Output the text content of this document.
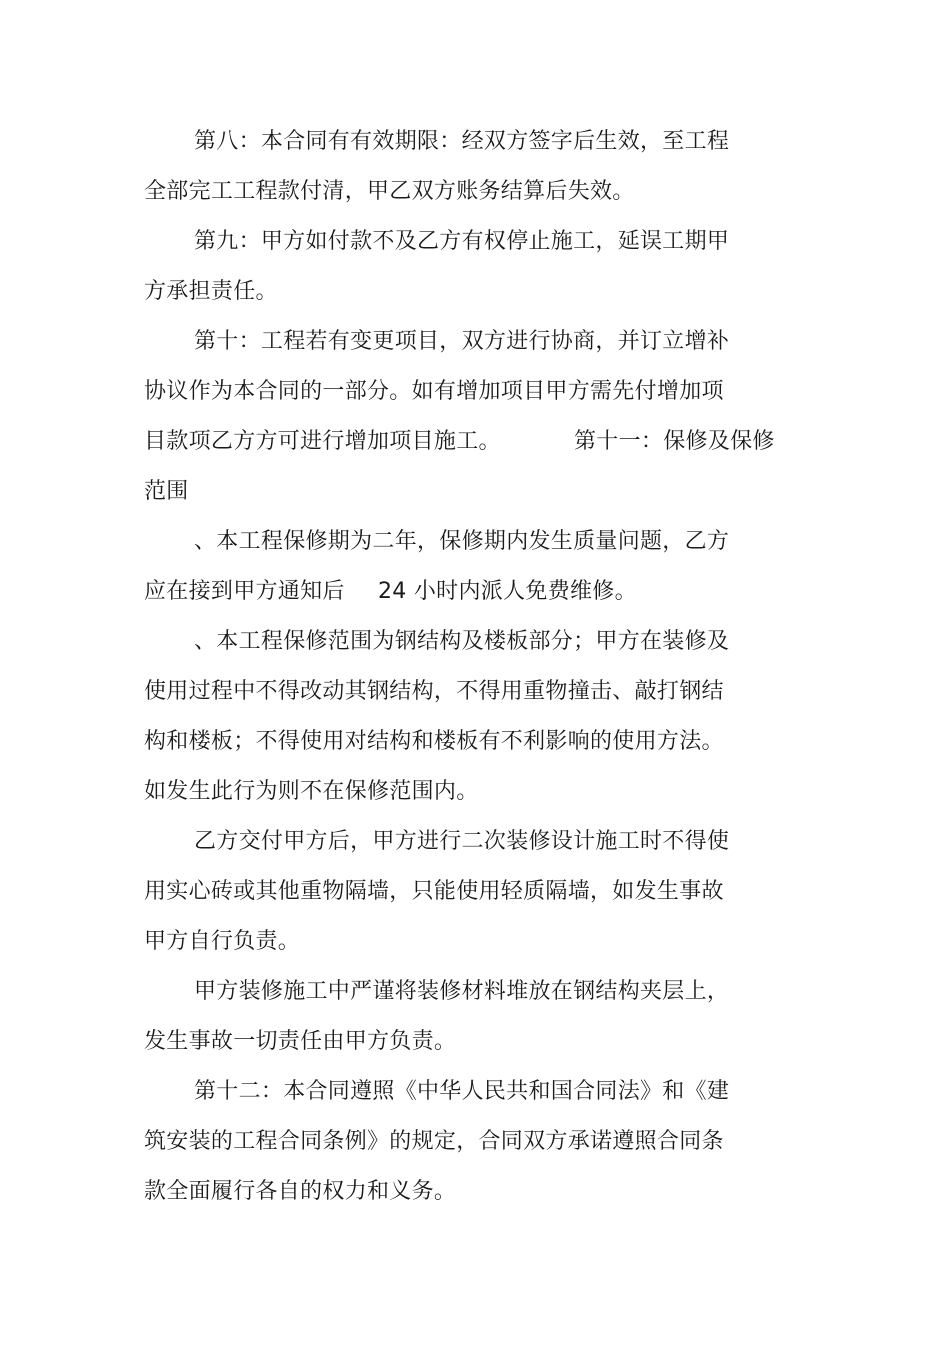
第八：本合同有有效期限：经双方签字后生效，至工程
全部完工工程款付清，甲乙双方账务结算后失效。
第九：甲方如付款不及乙方有权停止施工，延误工期甲
方承担责任。
第十：工程若有变更项目，双方进行协商，并订立增补
协议作为本合同的一部分。如有增加项目甲方需先付增加项
目款项乙方方可进行增加项目施工。	第十一：保修及保修
范围
、本工程保修期为二年，保修期内发生质量问题，乙方
应在接到甲方通知后 24 小时内派人免费维修。
、本工程保修范围为钢结构及楼板部分；甲方在装修及
使用过程中不得改动其钢结构，不得用重物撞击、敲打钢结
构和楼板；不得使用对结构和楼板有不利影响的使用方法。
如发生此行为则不在保修范围内。
乙方交付甲方后，甲方进行二次装修设计施工时不得使
用实心砖或其他重物隔墙，只能使用轻质隔墙，如发生事故
甲方自行负责。
甲方装修施工中严谨将装修材料堆放在钢结构夹层上，
发生事故一切责任由甲方负责。
第十二：本合同遵照《中华人民共和国合同法》和《建
筑安装的工程合同条例》的规定，合同双方承诺遵照合同条
款全面履行各自的权力和义务。
